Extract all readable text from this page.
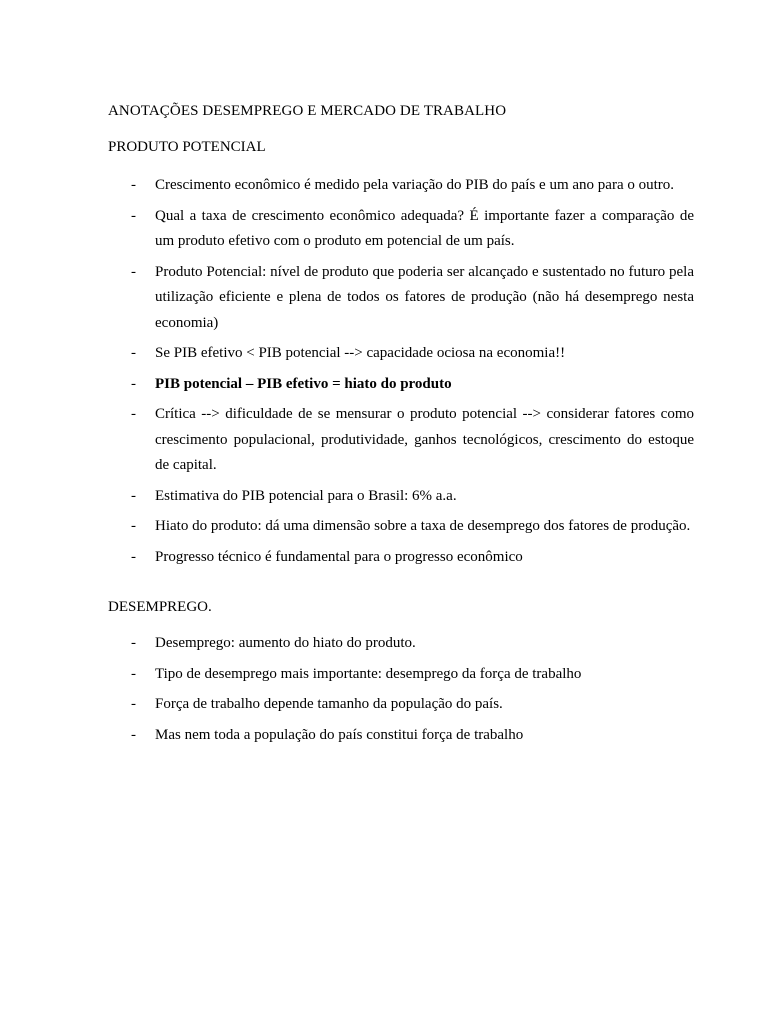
ANOTAÇÕES DESEMPREGO E MERCADO DE TRABALHO
PRODUTO POTENCIAL
- Crescimento econômico é medido pela variação do PIB do país e um ano para o outro.
- Qual a taxa de crescimento econômico adequada? É importante fazer a comparação de um produto efetivo com o produto em potencial de um país.
- Produto Potencial: nível de produto que poderia ser alcançado e sustentado no futuro pela utilização eficiente e plena de todos os fatores de produção (não há desemprego nesta economia)
- Se PIB efetivo < PIB potencial --> capacidade ociosa na economia!!
- PIB potencial – PIB efetivo = hiato do produto
- Crítica --> dificuldade de se mensurar o produto potencial --> considerar fatores como crescimento populacional, produtividade, ganhos tecnológicos, crescimento do estoque de capital.
- Estimativa do PIB potencial para o Brasil: 6% a.a.
- Hiato do produto: dá uma dimensão sobre a taxa de desemprego dos fatores de produção.
- Progresso técnico é fundamental para o progresso econômico
DESEMPREGO.
- Desemprego: aumento do hiato do produto.
- Tipo de desemprego mais importante: desemprego da força de trabalho
- Força de trabalho depende tamanho da população do país.
- Mas nem toda a população do país constitui força de trabalho
